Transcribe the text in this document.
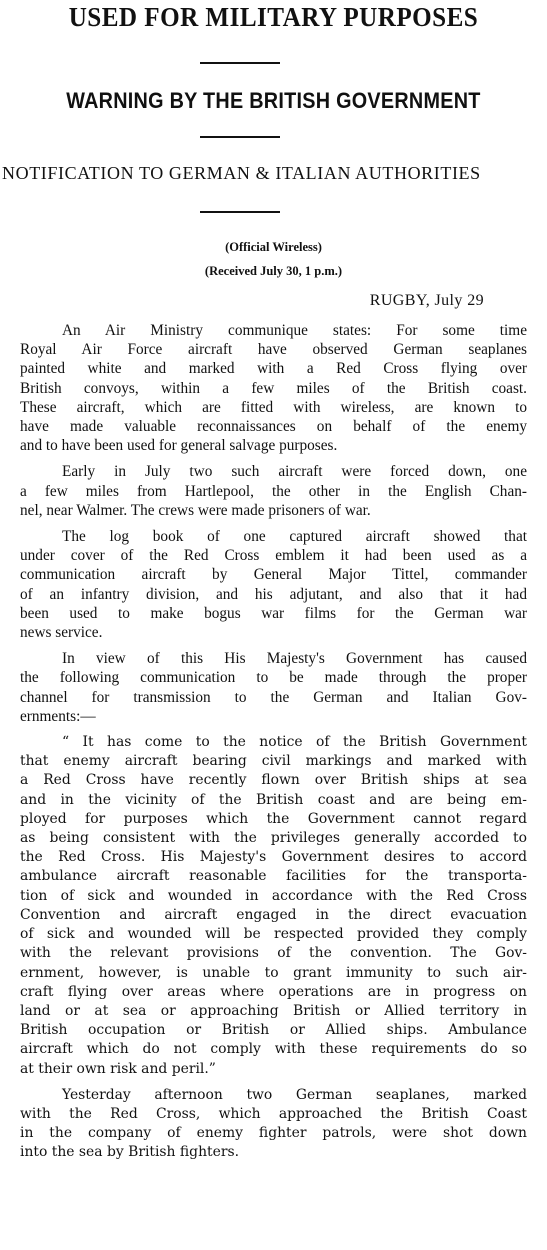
USED FOR MILITARY PURPOSES
WARNING BY THE BRITISH GOVERNMENT
NOTIFICATION TO GERMAN & ITALIAN AUTHORITIES
(Official Wireless)
(Received July 30, 1 p.m.)
RUGBY, July 29

An Air Ministry communique states: For some time
Royal Air Force aircraft have observed German seaplanes
painted white and marked with a Red Cross flying over
British convoys, within a few miles of the British coast.
These aircraft, which are fitted with wireless, are known to
have made valuable reconnaissances on behalf of the enemy
and to have been used for general salvage purposes.

Early in July two such aircraft were forced down, one
a few miles from Hartlepool, the other in the English Chan-
nel, near Walmer. The crews were made prisoners of war.

The log book of one captured aircraft showed that
under cover of the Red Cross emblem it had been used as a
communication aircraft by General Major Tittel, commander
of an infantry division, and his adjutant, and also that it had
been used to make bogus war films for the German war
news service.

In view of this His Majesty's Government has caused
the following communication to be made through the proper
channel for transmission to the German and Italian Gov-
ernments:—

“ It has come to the notice of the British Government
that enemy aircraft bearing civil markings and marked with
a Red Cross have recently flown over British ships at sea
and in the vicinity of the British coast and are being em-
ployed for purposes which the Government cannot regard
as being consistent with the privileges generally accorded to
the Red Cross. His Majesty's Government desires to accord
ambulance aircraft reasonable facilities for the transporta-
tion of sick and wounded in accordance with the Red Cross
Convention and aircraft engaged in the direct evacuation
of sick and wounded will be respected provided they comply
with the relevant provisions of the convention. The Gov-
ernment, however, is unable to grant immunity to such air-
craft flying over areas where operations are in progress on
land or at sea or approaching British or Allied territory in
British occupation or British or Allied ships. Ambulance
aircraft which do not comply with these requirements do so
at their own risk and peril.”

Yesterday afternoon two German seaplanes, marked
with the Red Cross, which approached the British Coast
in the company of enemy fighter patrols, were shot down
into the sea by British fighters.
